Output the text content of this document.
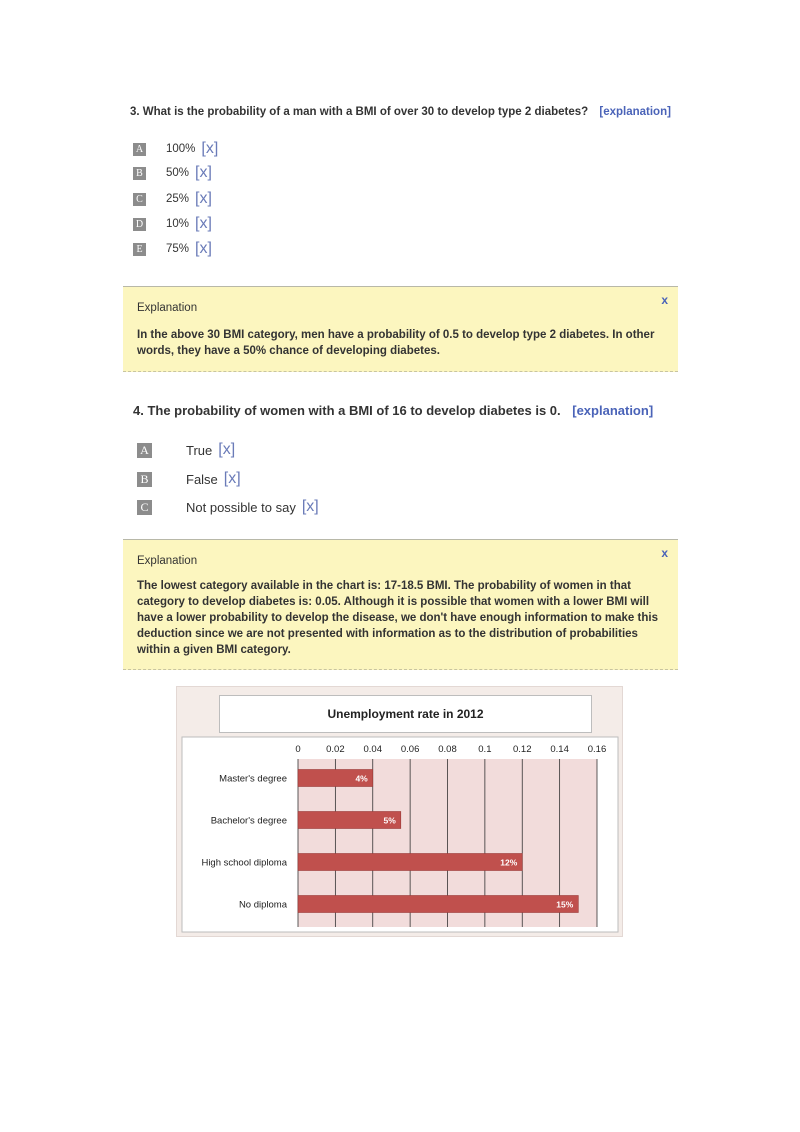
3. What is the probability of a man with a BMI of over 30 to develop type 2 diabetes? [explanation]
A 100% [x]
B 50% [x]
C 25% [x]
D 10% [x]
E	75% [x]
Explanation
x
In the above 30 BMI category, men have a probability of 0.5 to develop type 2 diabetes. In other words, they have a 50% chance of developing diabetes.
4. The probability of women with a BMI of 16 to develop diabetes is 0. [explanation]
A	True [x]
B	False [x]
C	Not possible to say [x]
Explanation
x
The lowest category available in the chart is: 17-18.5 BMI. The probability of women in that category to develop diabetes is: 0.05. Although it is possible that women with a lower BMI will have a lower probability to develop the disease, we don't have enough information to make this deduction since we are not presented with information as to the distribution of probabilities within a given BMI category.
Unemployment rate in 2012
0	0.02 0.04 0.06 0.08 0.1 0.12 0.14 0.16
Master's degree	4%
Bachelor's degree	5%
High school diploma	12%
No diploma	15%
